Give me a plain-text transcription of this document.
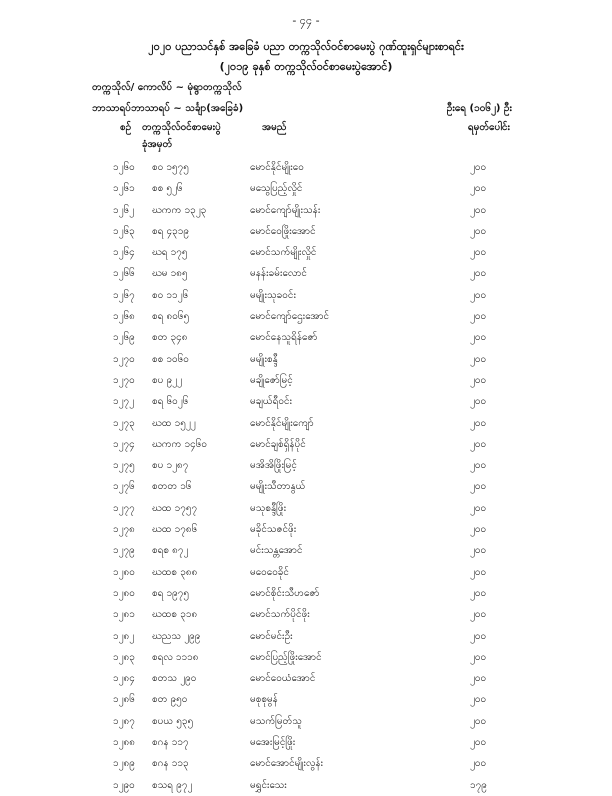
- ၄၄ -
၂၀၂၀ ပညာသင်နှစ် အခြေခံ ပညာ တက္ကသိုလ်ဝင်စာမေးပွဲ ဂုဏ်ထူးရှင်များစာရင်း
(၂၀၁၉ ခုနှစ် တက္ကသိုလ်ဝင်စာမေးပွဲအောင်)
တက္ကသိုလ်/ ကောလိပ် ~ မုံရွာတက္ကသိုလ်
ဘာသာရပ်ဘာသာရပ် ~ သင်္ချာ(အခြေခံ)	ဦးရေ (၁၀၆၂) ဦး
စဉ် တက္ကသိုလ်ဝင်စာမေးပွဲ
ခုံအမှတ်
အမည်	ရမှတ်ပေါင်း
၁၂၆၀ စဝ ၁၅၇၅	မောင်နိုင်မျိုးဝေ	၂၀၀
၁၂၆၁ စစ ၅၂၆	မသွေပြည့်လှိုင်	၂၀၀
၁၂၆၂ ဃကက ၁၃၂၃	မောင်ကျော်မျိုးသန်း	၂၀၀
၁၂၆၃ စရ ၄၃၁၉	မောင်ဝေဖြိုးအောင်	၂၀၀
၁၂၆၄ ဃရ ၁၇၅	မောင်သက်မျိုးလှိုင်	၂၀၀
၁၂၆၆ ဃမ ၁၈၅	မနန်းခမ်းလောင်	၂၀၀
၁၂၆၇ စဝ ၁၁၂၆	မမျိုးသုခဝင်း	၂၀၀
၁၂၆၈ စရ ၈၀၆၅	မောင်ကျော်ဌေးအောင်	၂၀၀
၁၂၆၉ စတ ၃၄၈	မောင်နေသူရိန်ဇော်	၂၀၀
၁၂၇၀ စစ ၁၀၆၀	မမျိုးစန္ဒီ	၂၀၀
၁၂၇၀ စပ ၉၂၂	မချိုဇော်မြင့်	၂၀၀
၁၂၇၂ စရ ၆၀၂၆	မချယ်ရီဝင်း	၂၀၀
၁၂၇၃ ဃထ ၁၅၂၂	မောင်နိုင်မျိုးကျော်	၂၀၀
၁၂၇၄ ဃကက ၁၄၆၀	မောင်ချစ်ရှိန်ပိုင်	၂၀၀
၁၂၇၅ စပ ၁၂၈၇	မအိအိဖြိုးမြင့်	၂၀၀
၁၂၇၆ စတတ ၁၆	မမျိုးသီတာနွယ်	၂၀၀
၁၂၇၇ ဃထ ၁၇၅၇	မသုစန္ဒီဖြိုး	၂၀၀
၁၂၇၈ ဃထ ၁၇၈၆	မခိုင်သဇင်ဖိုး	၂၀၀
၁၂၇၉ စရစ ၈၇၂	မင်းသန္တအောင်	၂၀၀
၁၂၈၀ ဃထစ ၃၈၈	မဝေဝေခိုင်	၂၀၀
၁၂၈၀ စရ ၁၉၇၅	မောင်စိုင်းသီဟဇော်	၂၀၀
၁၂၈၁ ဃထစ ၃၁၈	မောင်သက်ပိုင်ဖိုး	၂၀၀
၁၂၈၂ ဃညသ ၂၉၉	မောင်မင်းဦး	၂၀၀
၁၂၈၃ စရလ ၁၁၁၈	မောင်ပြည့်ဖြိုးအောင်	၂၀၀
၁၂၈၄ စတသ ၂၉၀	မောင်ဝေယံအောင်	၂၀၀
၁၂၈၆ စတ ၉၅၀	မစုစုမွန်	၂၀၀
၁၂၈၇ စပယ ၅၃၅	မသက်မြတ်သူ	၂၀၀
၁၂၈၈ စဂန ၁၁၇	မအေးမြင့်ဖြိုး	၂၀၀
၁၂၈၉ စဂန ၁၁၃	မောင်အောင်မျိုးလွန်း	၂၀၀
၁၂၉၀ စသရ ၉၇၂	မရွှင်းသေး	၁၇၉
